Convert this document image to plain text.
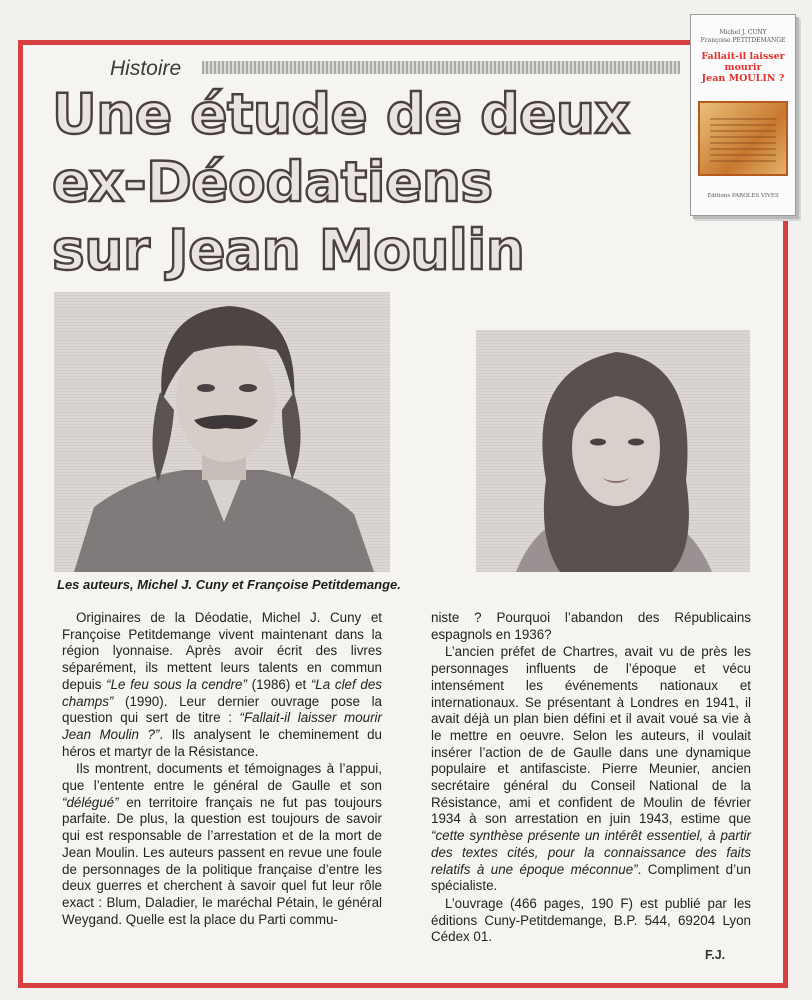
Michel J. CUNY
Françoise PETITDEMANGE
Fallait-il laisser
mourir
Jean MOULIN ?
Éditions PAROLES VIVES
Histoire
Une étude de deux
ex-Déodatiens
sur Jean Moulin
Les auteurs, Michel J. Cuny et Françoise Petitdemange.

Originaires de la Déodatie, Michel J. Cuny et Françoise Petitdemange vivent maintenant dans la région lyonnaise. Après avoir écrit des livres séparément, ils mettent leurs talents en commun depuis “Le feu sous la cendre” (1986) et “La clef des champs” (1990). Leur dernier ouvrage pose la question qui sert de titre : “Fallait-il laisser mourir Jean Moulin ?”. Ils analysent le cheminement du héros et martyr de la Résistance.

Ils montrent, documents et témoignages à l’appui, que l’entente entre le général de Gaulle et son “délégué” en territoire français ne fut pas toujours parfaite. De plus, la question est toujours de savoir qui est responsable de l’arrestation et de la mort de Jean Moulin. Les auteurs passent en revue une foule de personnages de la politique française d’entre les deux guerres et cherchent à savoir quel fut leur rôle exact : Blum, Daladier, le maréchal Pétain, le général Weygand. Quelle est la place du Parti commu-

niste ? Pourquoi l’abandon des Républicains espagnols en 1936?

L’ancien préfet de Chartres, avait vu de près les personnages influents de l’époque et vécu intensément les événements nationaux et internationaux. Se présentant à Londres en 1941, il avait déjà un plan bien défini et il avait voué sa vie à le mettre en oeuvre. Selon les auteurs, il voulait insérer l’action de de Gaulle dans une dynamique populaire et antifasciste. Pierre Meunier, ancien secrétaire général du Conseil National de la Résistance, ami et confident de Moulin de février 1934 à son arrestation en juin 1943, estime que “cette synthèse présente un intérêt essentiel, à partir des textes cités, pour la connaissance des faits relatifs à une époque méconnue”. Compliment d’un spécialiste.

L’ouvrage (466 pages, 190 F) est publié par les éditions Cuny-Petitdemange, B.P. 544, 69204 Lyon Cédex 01.

F.J.
